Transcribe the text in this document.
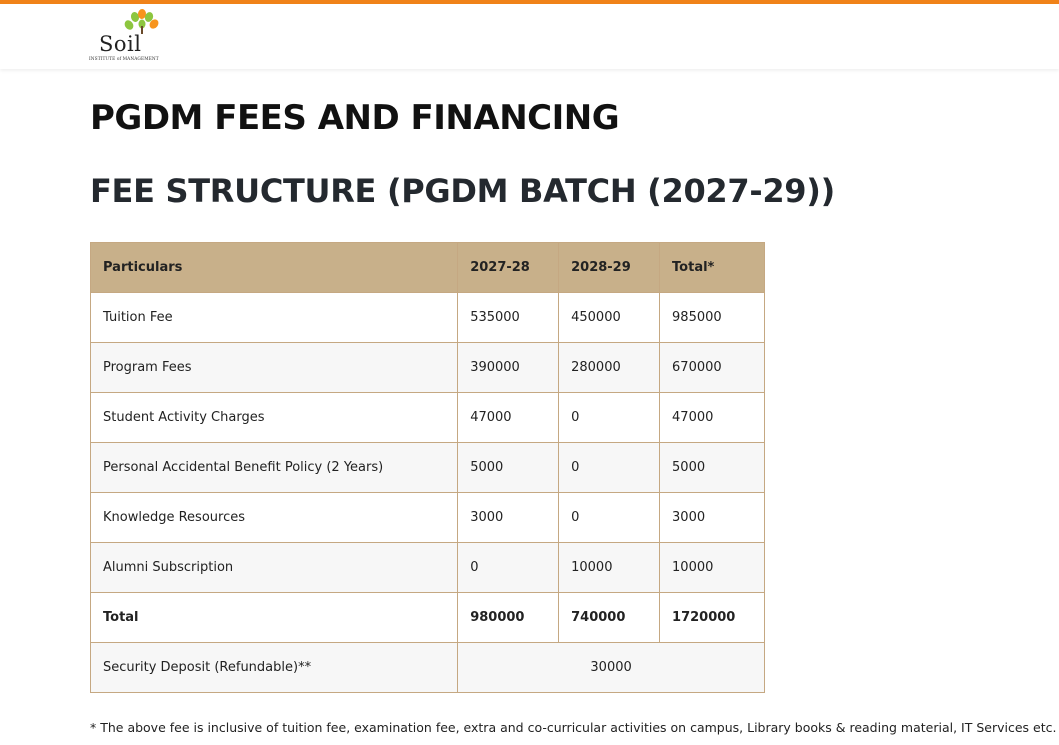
Soil
INSTITUTE of MANAGEMENT
PGDM FEES AND FINANCING
FEE STRUCTURE (PGDM BATCH (2027-29))
Particulars	2027-28	2028-29	Total*
Tuition Fee	535000	450000	985000
Program Fees	390000	280000	670000
Student Activity Charges	47000	0	47000
Personal Accidental Benefit Policy (2 Years)	5000	0	5000
Knowledge Resources	3000	0	3000
Alumni Subscription	0	10000	10000
Total	980000	740000	1720000
Security Deposit (Refundable)**	30000		
* The above fee is inclusive of tuition fee, examination fee, extra and co-curricular activities on campus, Library books & reading material, IT Services etc.
